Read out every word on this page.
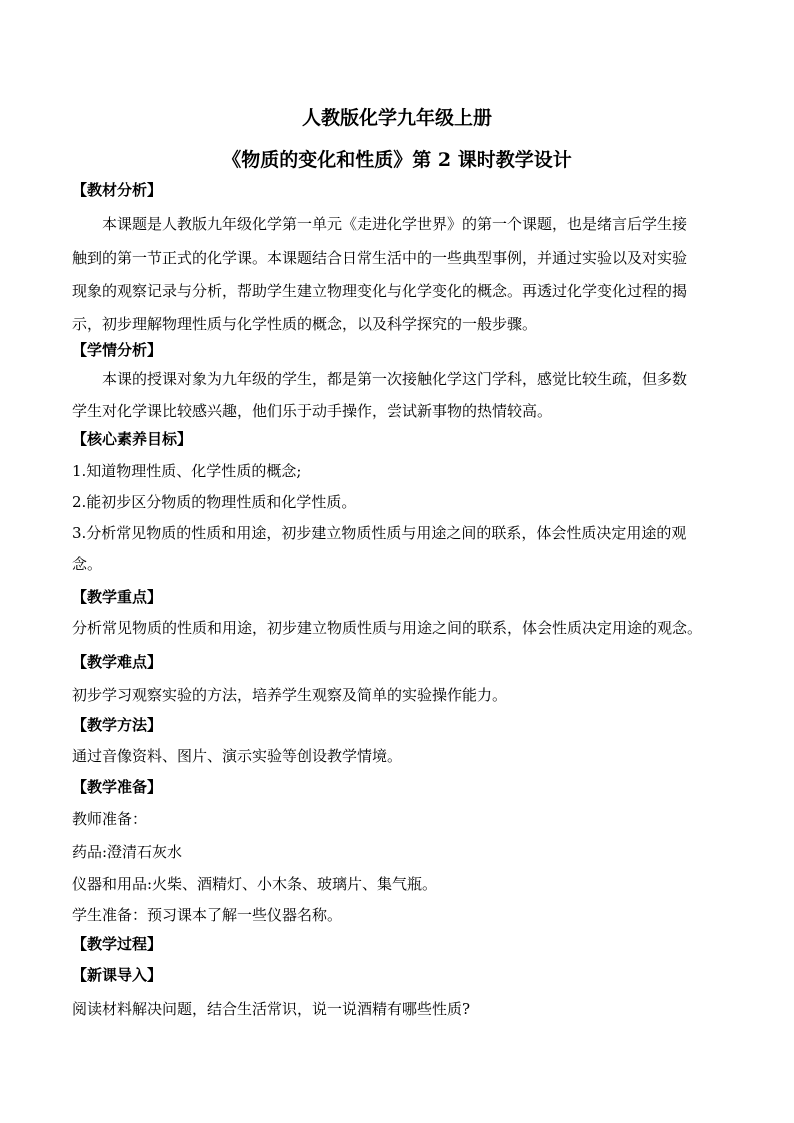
人教版化学九年级上册
《物质的变化和性质》第 2 课时教学设计
【教材分析】
本课题是人教版九年级化学第一单元《走进化学世界》的第一个课题，也是绪言后学生接
触到的第一节正式的化学课。本课题结合日常生活中的一些典型事例，并通过实验以及对实验
现象的观察记录与分析，帮助学生建立物理变化与化学变化的概念。再透过化学变化过程的揭
示，初步理解物理性质与化学性质的概念，以及科学探究的一般步骤。
【学情分析】
本课的授课对象为九年级的学生，都是第一次接触化学这门学科，感觉比较生疏，但多数
学生对化学课比较感兴趣，他们乐于动手操作，尝试新事物的热情较高。
【核心素养目标】
1.知道物理性质、化学性质的概念;
2.能初步区分物质的物理性质和化学性质。
3.分析常见物质的性质和用途，初步建立物质性质与用途之间的联系，体会性质决定用途的观
念。
【教学重点】
分析常见物质的性质和用途，初步建立物质性质与用途之间的联系，体会性质决定用途的观念。
【教学难点】
初步学习观察实验的方法，培养学生观察及简单的实验操作能力。
【教学方法】
通过音像资料、图片、演示实验等创设教学情境。
【教学准备】
教师准备：
药品:澄清石灰水
仪器和用品:火柴、酒精灯、小木条、玻璃片、集气瓶。
学生准备：预习课本了解一些仪器名称。
【教学过程】
【新课导入】
阅读材料解决问题，结合生活常识，说一说酒精有哪些性质?
